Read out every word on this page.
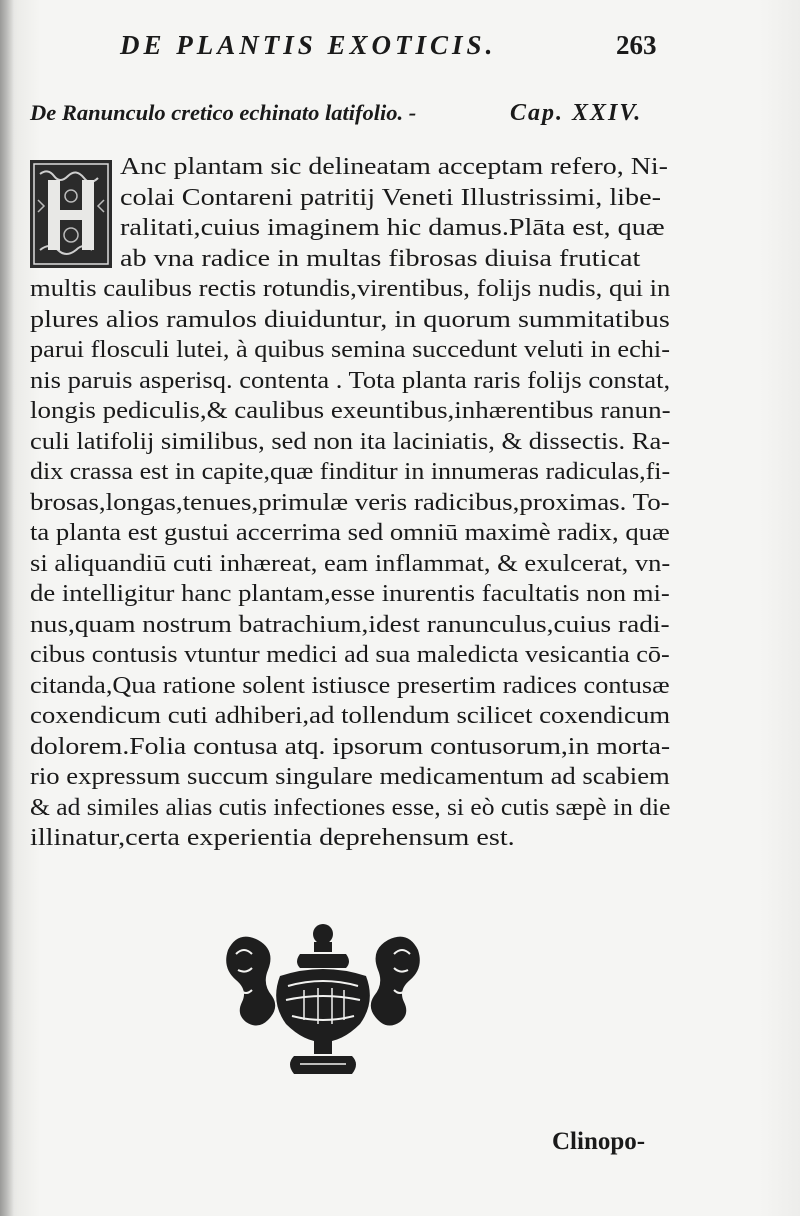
DE PLANTIS EXOTICIS.	263
De Ranunculo cretico echinato latifolio. -	Cap. XXIV.
Anc plantam sic delineatam acceptam refero, Ni-
colai Contareni patritij Veneti Illustrissimi, libe-
ralitati,cuius imaginem hic damus.Plāta est, quæ
ab vna radice in multas fibrosas diuisa fruticat
multis caulibus rectis rotundis,virentibus, folijs nudis, qui in
plures alios ramulos diuiduntur, in quorum summitatibus
parui flosculi lutei, à quibus semina succedunt veluti in echi-
nis paruis asperisq. contenta . Tota planta raris folijs constat,
longis pediculis,& caulibus exeuntibus,inhærentibus ranun-
culi latifolij similibus, sed non ita laciniatis, & dissectis. Ra-
dix crassa est in capite,quæ finditur in innumeras radiculas,fi-
brosas,longas,tenues,primulæ veris radicibus,proximas. To-
ta planta est gustui accerrima sed omniū maximè radix, quæ
si aliquandiū cuti inhæreat, eam inflammat, & exulcerat, vn-
de intelligitur hanc plantam,esse inurentis facultatis non mi-
nus,quam nostrum batrachium,idest ranunculus,cuius radi-
cibus contusis vtuntur medici ad sua maledicta vesicantia cō-
citanda,Qua ratione solent istiusce presertim radices contusæ
coxendicum cuti adhiberi,ad tollendum scilicet coxendicum
dolorem.Folia contusa atq. ipsorum contusorum,in morta-
rio expressum succum singulare medicamentum ad scabiem
& ad similes alias cutis infectiones esse, si eò cutis sæpè in die
illinatur,certa experientia deprehensum est.
Clinopo-
